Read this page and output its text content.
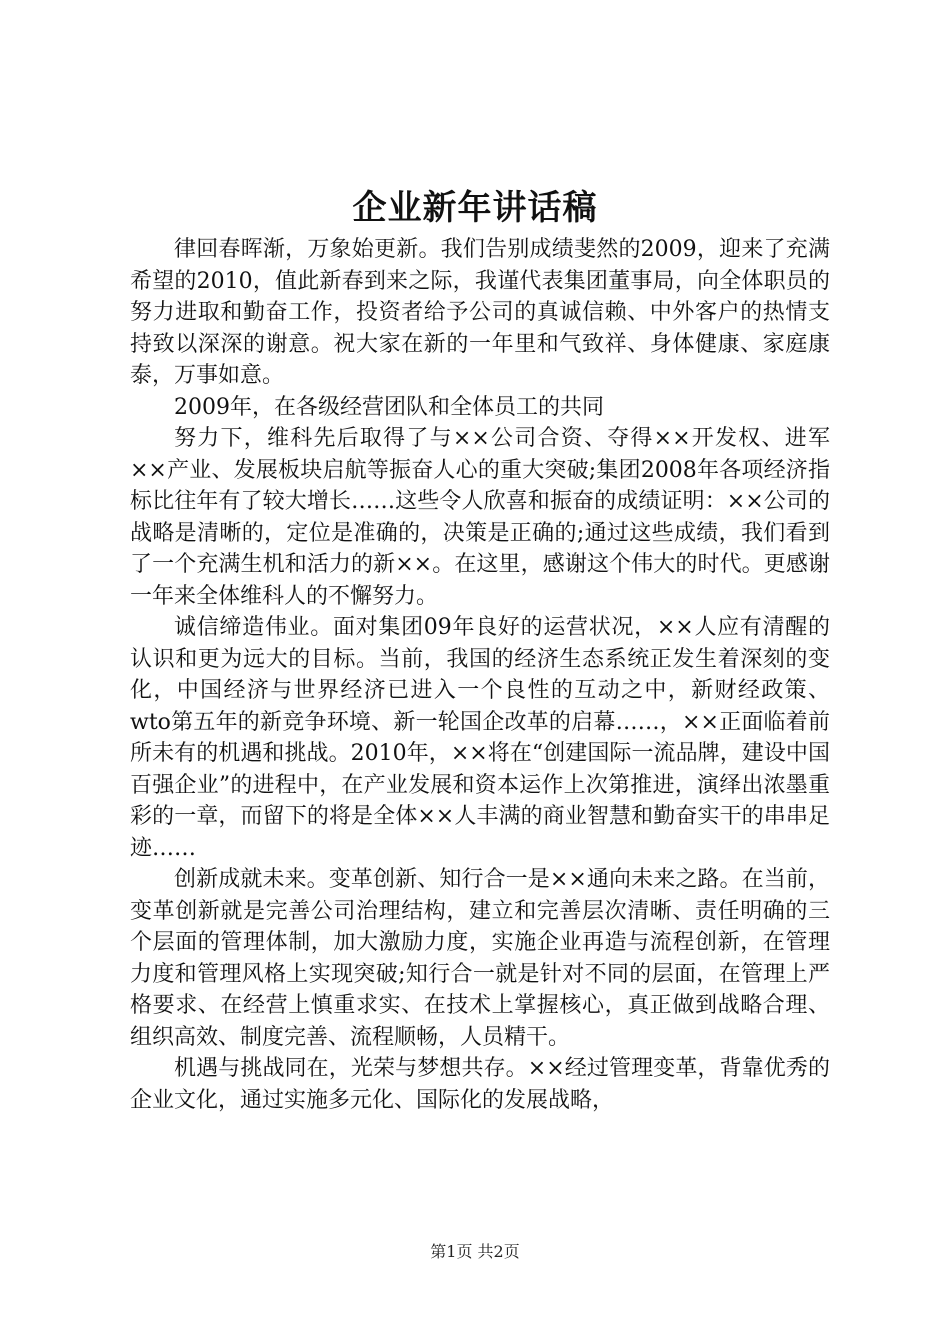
企业新年讲话稿

律回春晖渐，万象始更新。我们告别成绩斐然的2009，迎来了充满希望的2010，值此新春到来之际，我谨代表集团董事局，向全体职员的努力进取和勤奋工作，投资者给予公司的真诚信赖、中外客户的热情支持致以深深的谢意。祝大家在新的一年里和气致祥、身体健康、家庭康泰，万事如意。

2009年，在各级经营团队和全体员工的共同

努力下，维科先后取得了与××公司合资、夺得××开发权、进军××产业、发展板块启航等振奋人心的重大突破;集团2008年各项经济指标比往年有了较大增长……这些令人欣喜和振奋的成绩证明：××公司的战略是清晰的，定位是准确的，决策是正确的;通过这些成绩，我们看到了一个充满生机和活力的新××。在这里，感谢这个伟大的时代。更感谢一年来全体维科人的不懈努力。

诚信缔造伟业。面对集团09年良好的运营状况，××人应有清醒的认识和更为远大的目标。当前，我国的经济生态系统正发生着深刻的变化，中国经济与世界经济已进入一个良性的互动之中，新财经政策、wto第五年的新竞争环境、新一轮国企改革的启幕……，××正面临着前所未有的机遇和挑战。2010年，××将在“创建国际一流品牌，建设中国百强企业”的进程中，在产业发展和资本运作上次第推进，演绎出浓墨重彩的一章，而留下的将是全体××人丰满的商业智慧和勤奋实干的串串足迹……

创新成就未来。变革创新、知行合一是××通向未来之路。在当前，变革创新就是完善公司治理结构，建立和完善层次清晰、责任明确的三个层面的管理体制，加大激励力度，实施企业再造与流程创新，在管理力度和管理风格上实现突破;知行合一就是针对不同的层面，在管理上严格要求、在经营上慎重求实、在技术上掌握核心，真正做到战略合理、组织高效、制度完善、流程顺畅，人员精干。

机遇与挑战同在，光荣与梦想共存。××经过管理变革，背靠优秀的企业文化，通过实施多元化、国际化的发展战略，

第1页 共2页
